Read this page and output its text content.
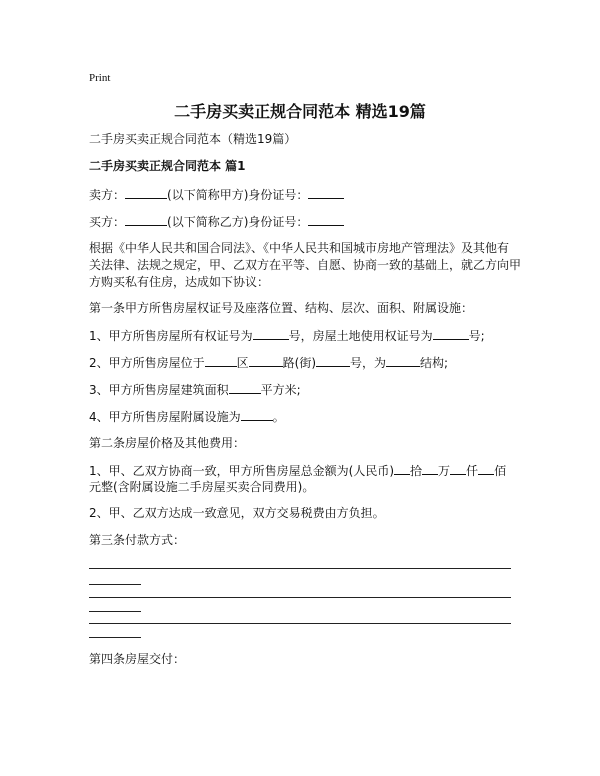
Print
二手房买卖正规合同范本 精选19篇
二手房买卖正规合同范本（精选19篇）
二手房买卖正规合同范本 篇1
卖方：	(以下简称甲方)身份证号：
买方：	(以下简称乙方)身份证号：
根据《中华人民共和国合同法》、《中华人民共和国城市房地产管理法》及其他有
关法律、法规之规定，甲、乙双方在平等、自愿、协商一致的基础上，就乙方向甲
方购买私有住房，达成如下协议：
第一条甲方所售房屋权证号及座落位置、结构、层次、面积、附属设施：
1、甲方所售房屋所有权证号为	号，房屋土地使用权证号为	号;
2、甲方所售房屋位于	区	路(街)	号，为	结构;
3、甲方所售房屋建筑面积	平方米;
4、甲方所售房屋附属设施为	。
第二条房屋价格及其他费用：
1、甲、乙双方协商一致，甲方所售房屋总金额为(人民币) 拾 万 仟 佰
元整(含附属设施二手房屋买卖合同费用)。
2、甲、乙双方达成一致意见，双方交易税费由方负担。
第三条付款方式：
第四条房屋交付：
